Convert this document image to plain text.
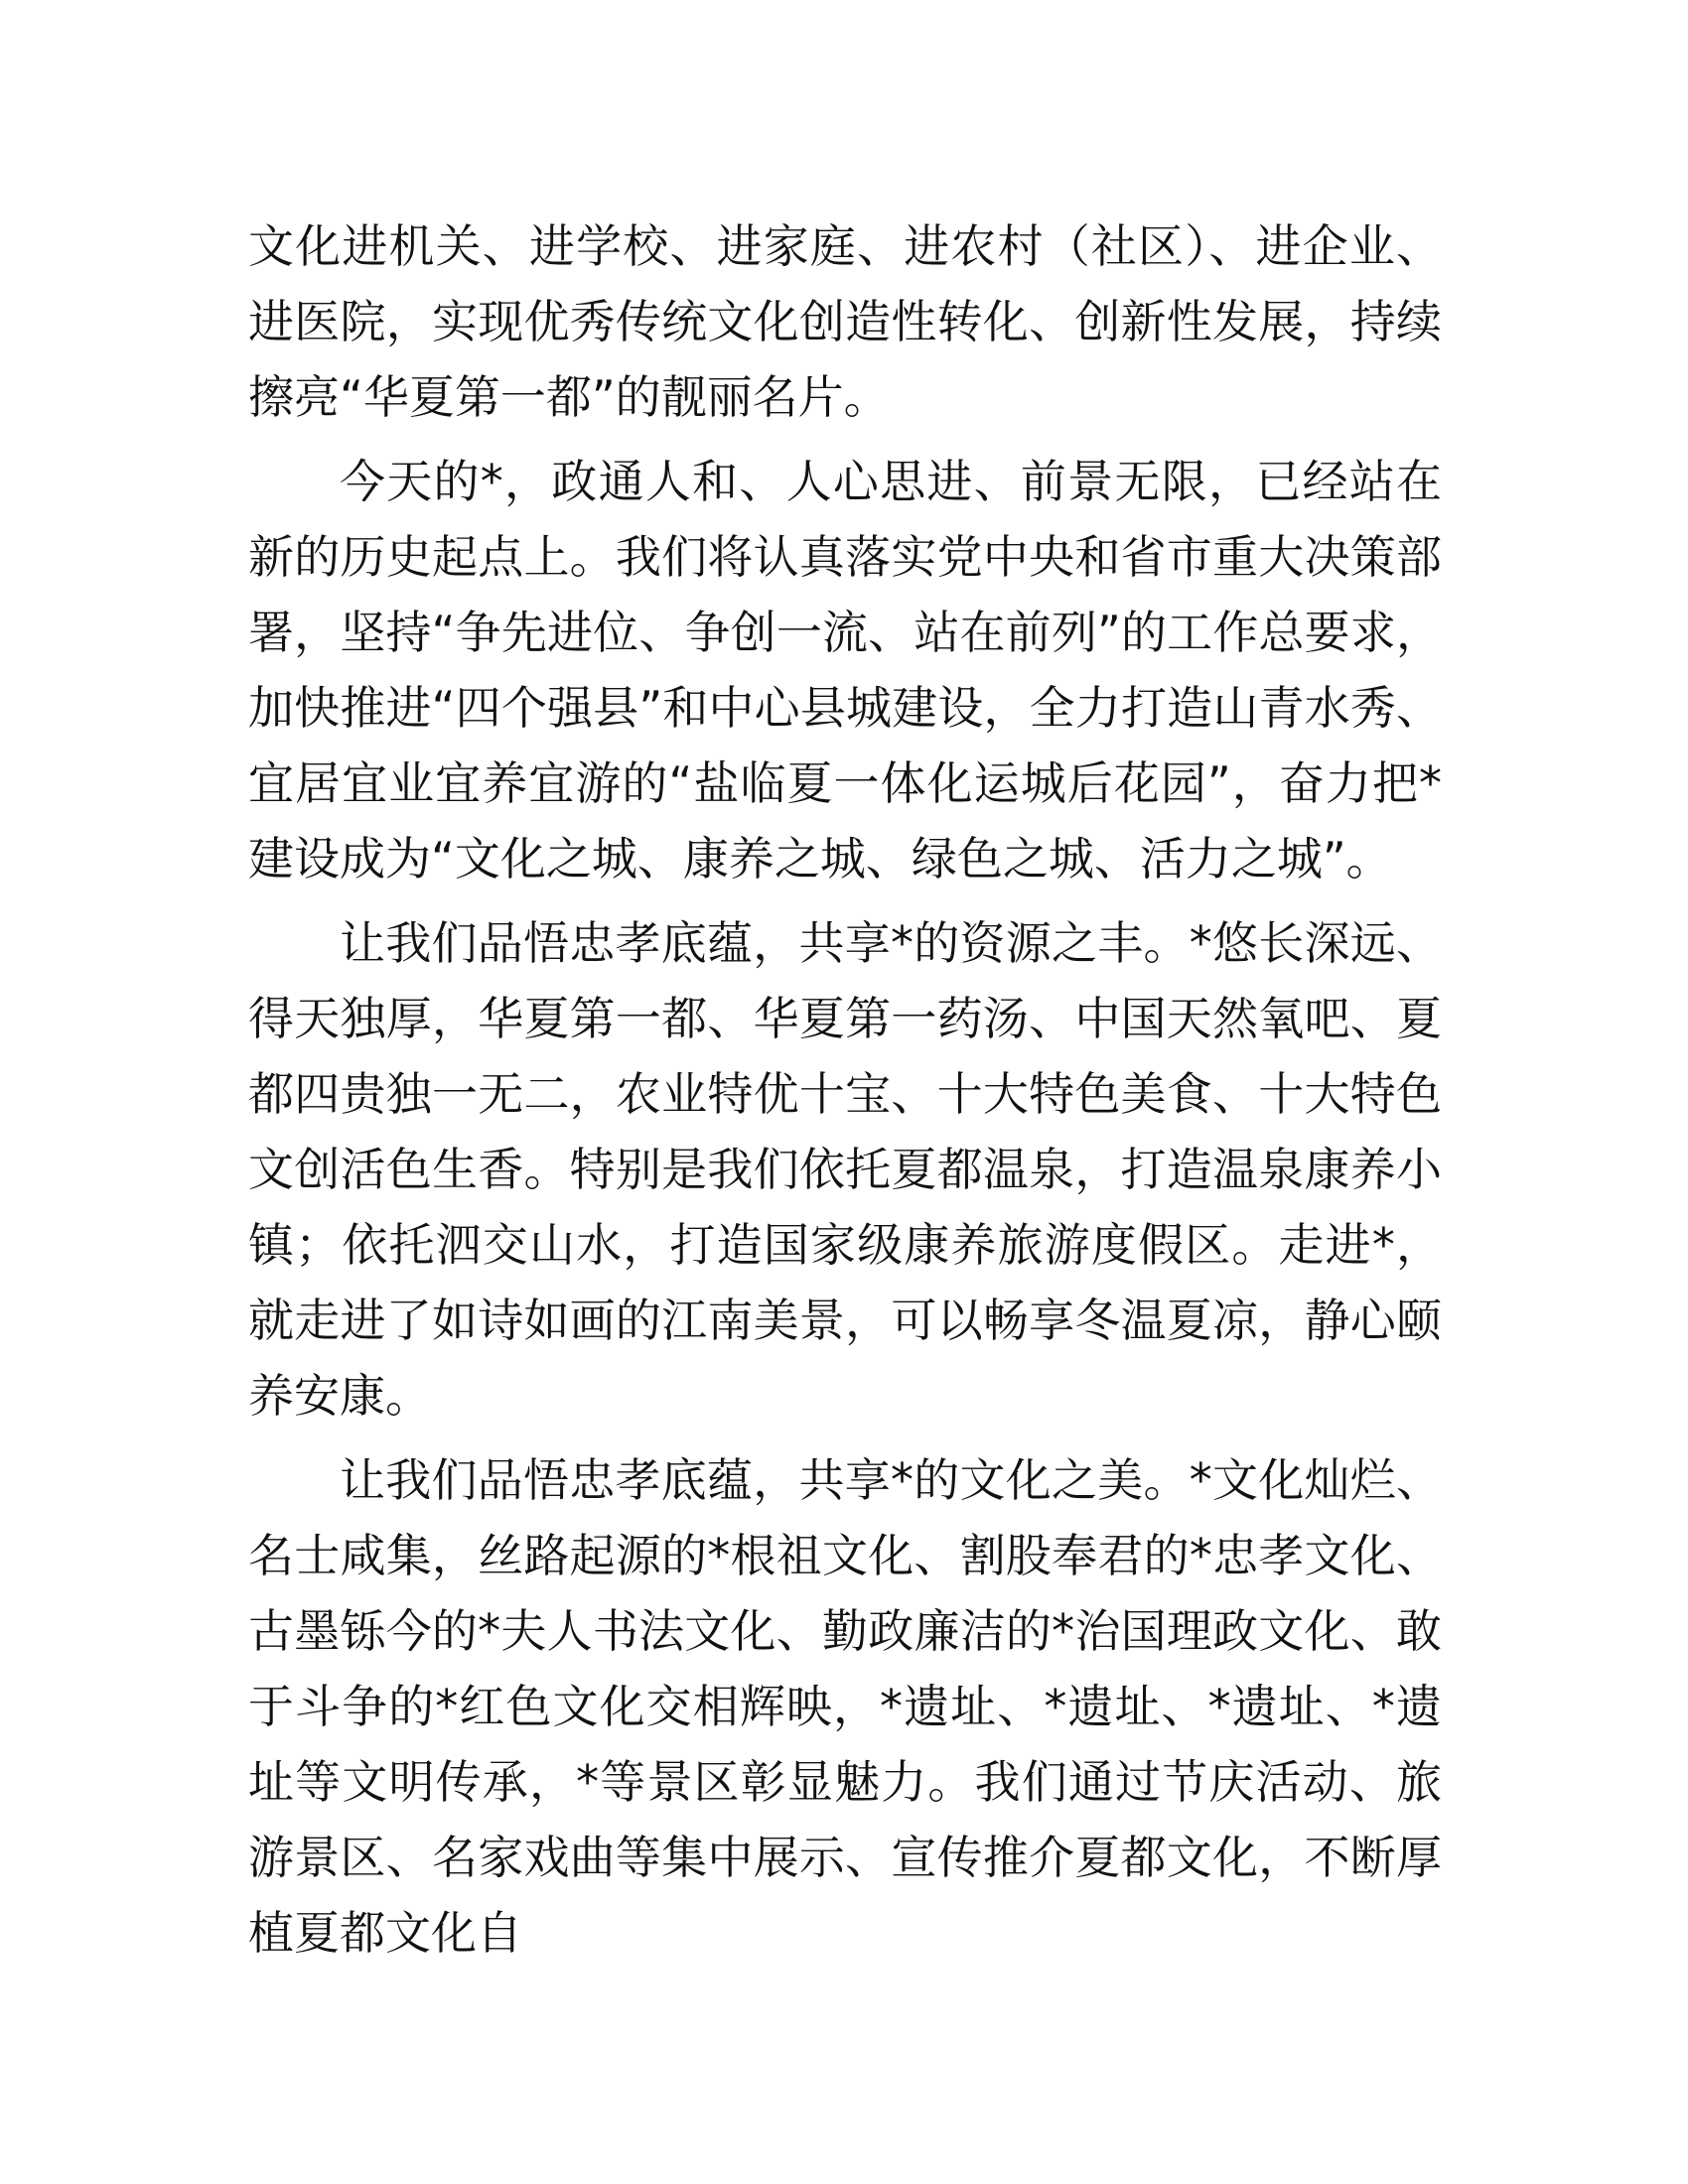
文化进机关、进学校、进家庭、进农村（社区）、进企业、进医院，实现优秀传统文化创造性转化、创新性发展，持续擦亮“华夏第一都”的靓丽名片。

今天的*，政通人和、人心思进、前景无限，已经站在新的历史起点上。我们将认真落实党中央和省市重大决策部署，坚持“争先进位、争创一流、站在前列”的工作总要求，加快推进“四个强县”和中心县城建设，全力打造山青水秀、宜居宜业宜养宜游的“盐临夏一体化运城后花园”，奋力把*建设成为“文化之城、康养之城、绿色之城、活力之城”。

让我们品悟忠孝底蕴，共享*的资源之丰。*悠长深远、得天独厚，华夏第一都、华夏第一药汤、中国天然氧吧、夏都四贵独一无二，农业特优十宝、十大特色美食、十大特色文创活色生香。特别是我们依托夏都温泉，打造温泉康养小镇；依托泗交山水，打造国家级康养旅游度假区。走进*，就走进了如诗如画的江南美景，可以畅享冬温夏凉，静心颐养安康。

让我们品悟忠孝底蕴，共享*的文化之美。*文化灿烂、名士咸集，丝路起源的*根祖文化、割股奉君的*忠孝文化、古墨铄今的*夫人书法文化、勤政廉洁的*治国理政文化、敢于斗争的*红色文化交相辉映，*遗址、*遗址、*遗址、*遗址等文明传承，*等景区彰显魅力。我们通过节庆活动、旅游景区、名家戏曲等集中展示、宣传推介夏都文化，不断厚植夏都文化自
